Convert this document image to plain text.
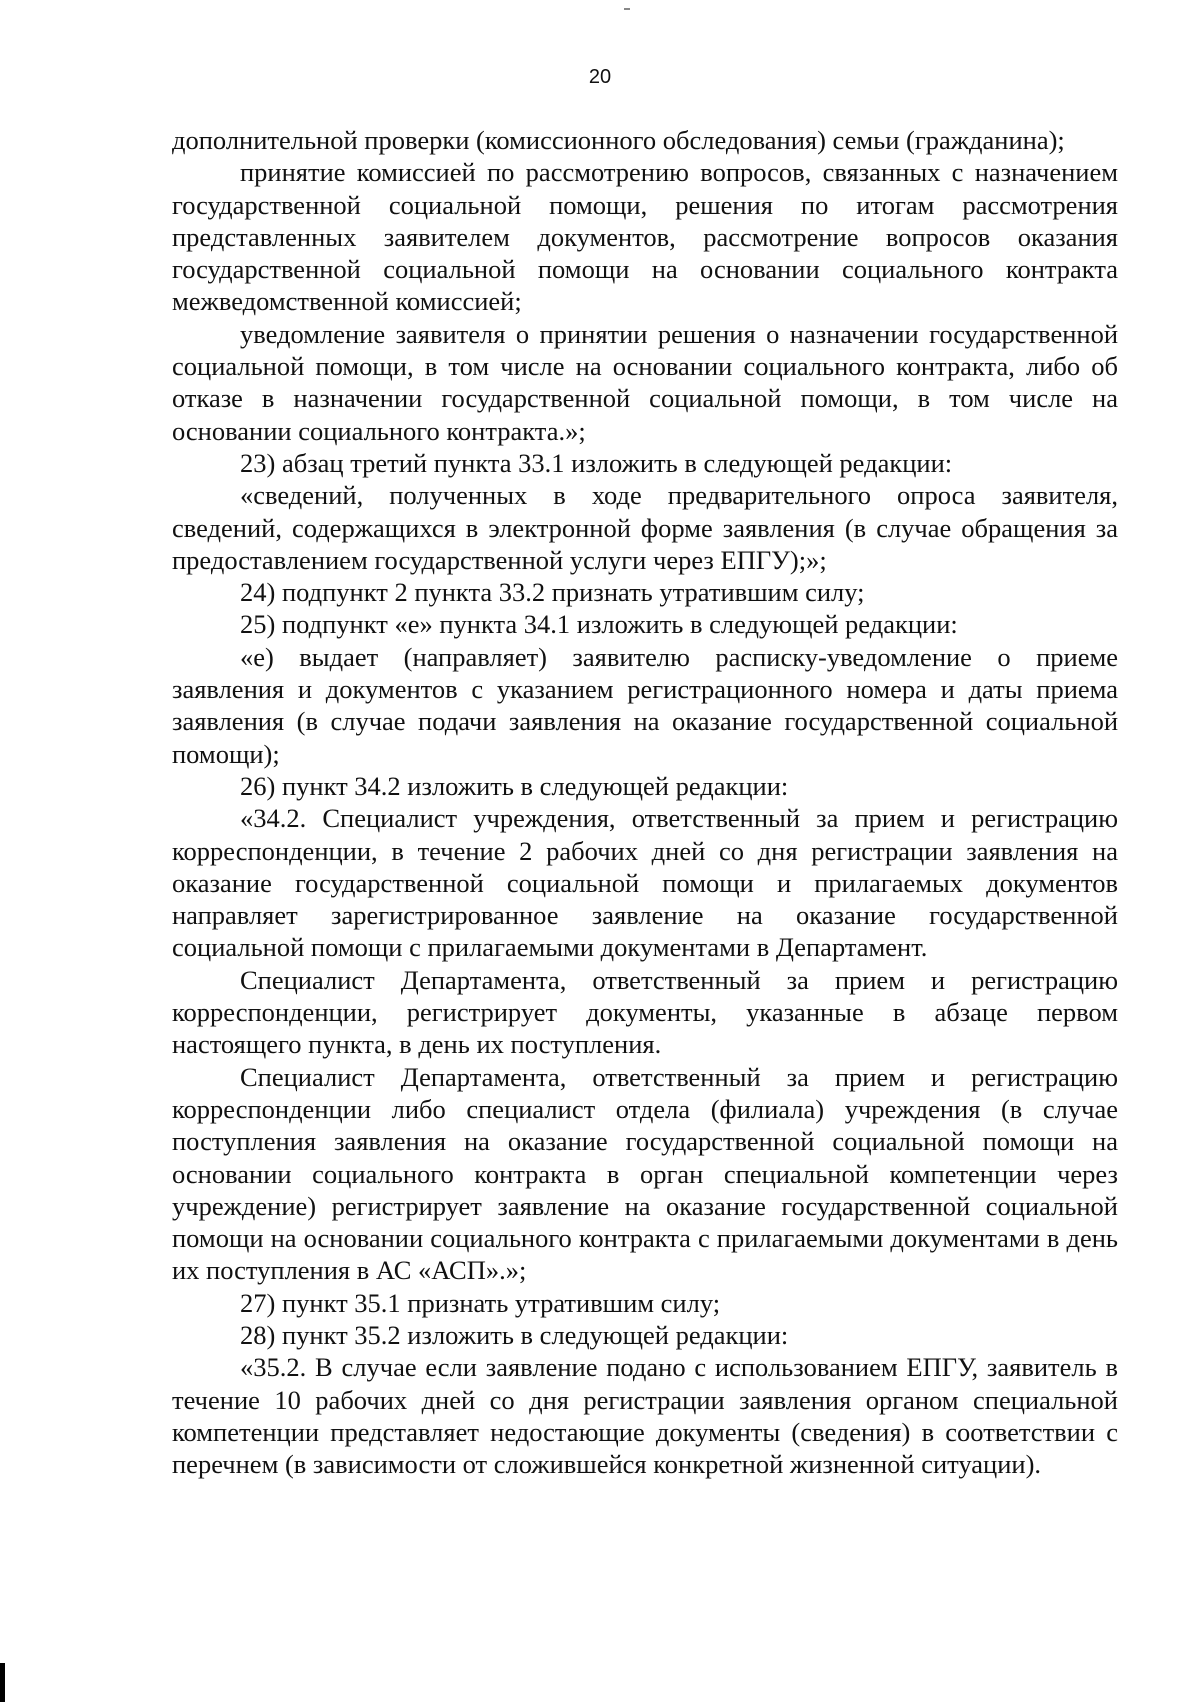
20

дополнительной проверки (комиссионного обследования) семьи (гражданина);

принятие комиссией по рассмотрению вопросов, связанных с назначением государственной социальной помощи, решения по итогам рассмотрения представленных заявителем документов, рассмотрение вопросов оказания государственной социальной помощи на основании социального контракта межведомственной комиссией;

уведомление заявителя о принятии решения о назначении государственной социальной помощи, в том числе на основании социального контракта, либо об отказе в назначении государственной социальной помощи, в том числе на основании социального контракта.»;

23) абзац третий пункта 33.1 изложить в следующей редакции:

«сведений, полученных в ходе предварительного опроса заявителя, сведений, содержащихся в электронной форме заявления (в случае обращения за предоставлением государственной услуги через ЕПГУ);»;

24) подпункт 2 пункта 33.2 признать утратившим силу;

25) подпункт «е» пункта 34.1 изложить в следующей редакции:

«е) выдает (направляет) заявителю расписку-уведомление о приеме заявления и документов с указанием регистрационного номера и даты приема заявления (в случае подачи заявления на оказание государственной социальной помощи);

26) пункт 34.2 изложить в следующей редакции:

«34.2. Специалист учреждения, ответственный за прием и регистрацию корреспонденции, в течение 2 рабочих дней со дня регистрации заявления на оказание государственной социальной помощи и прилагаемых документов направляет зарегистрированное заявление на оказание государственной социальной помощи с прилагаемыми документами в Департамент.

Специалист Департамента, ответственный за прием и регистрацию корреспонденции, регистрирует документы, указанные в абзаце первом настоящего пункта, в день их поступления.

Специалист Департамента, ответственный за прием и регистрацию корреспонденции либо специалист отдела (филиала) учреждения (в случае поступления заявления на оказание государственной социальной помощи на основании социального контракта в орган специальной компетенции через учреждение) регистрирует заявление на оказание государственной социальной помощи на основании социального контракта с прилагаемыми документами в день их поступления в АС «АСП».»;

27) пункт 35.1 признать утратившим силу;

28) пункт 35.2 изложить в следующей редакции:

«35.2. В случае если заявление подано с использованием ЕПГУ, заявитель в течение 10 рабочих дней со дня регистрации заявления органом специальной компетенции представляет недостающие документы (сведения) в соответствии с перечнем (в зависимости от сложившейся конкретной жизненной ситуации).
